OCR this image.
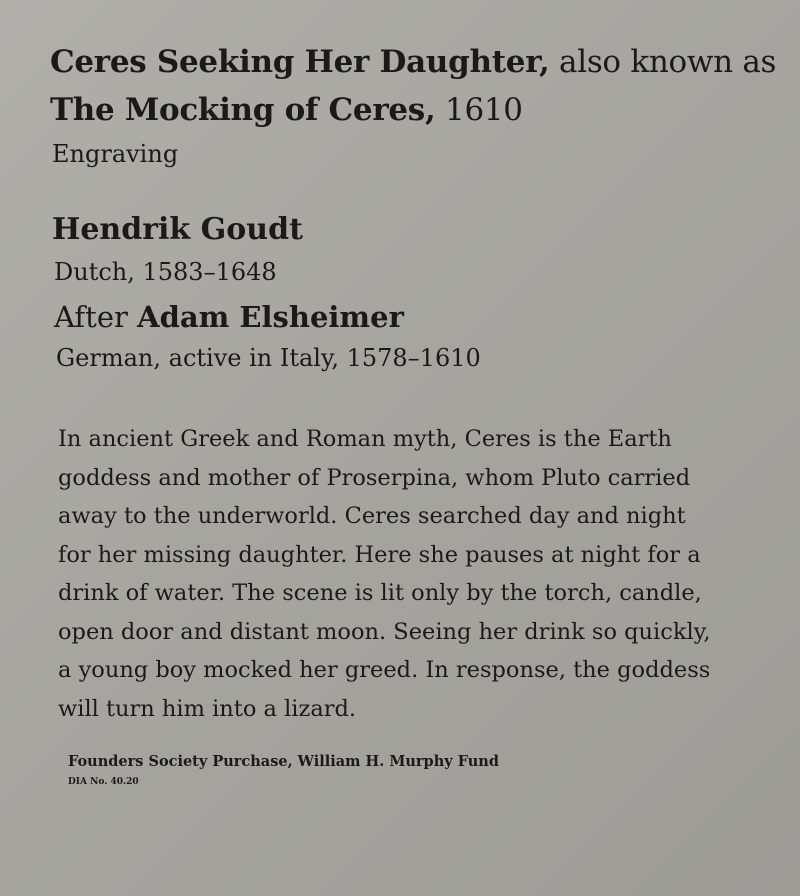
Ceres Seeking Her Daughter, also known as

The Mocking of Ceres, 1610

Engraving

Hendrik Goudt

Dutch, 1583–1648

After Adam Elsheimer

German, active in Italy, 1578–1610

In ancient Greek and Roman myth, Ceres is the Earth
goddess and mother of Proserpina, whom Pluto carried
away to the underworld. Ceres searched day and night
for her missing daughter. Here she pauses at night for a
drink of water. The scene is lit only by the torch, candle,
open door and distant moon. Seeing her drink so quickly,
a young boy mocked her greed. In response, the goddess
will turn him into a lizard.

Founders Society Purchase, William H. Murphy Fund

DIA No. 40.20
